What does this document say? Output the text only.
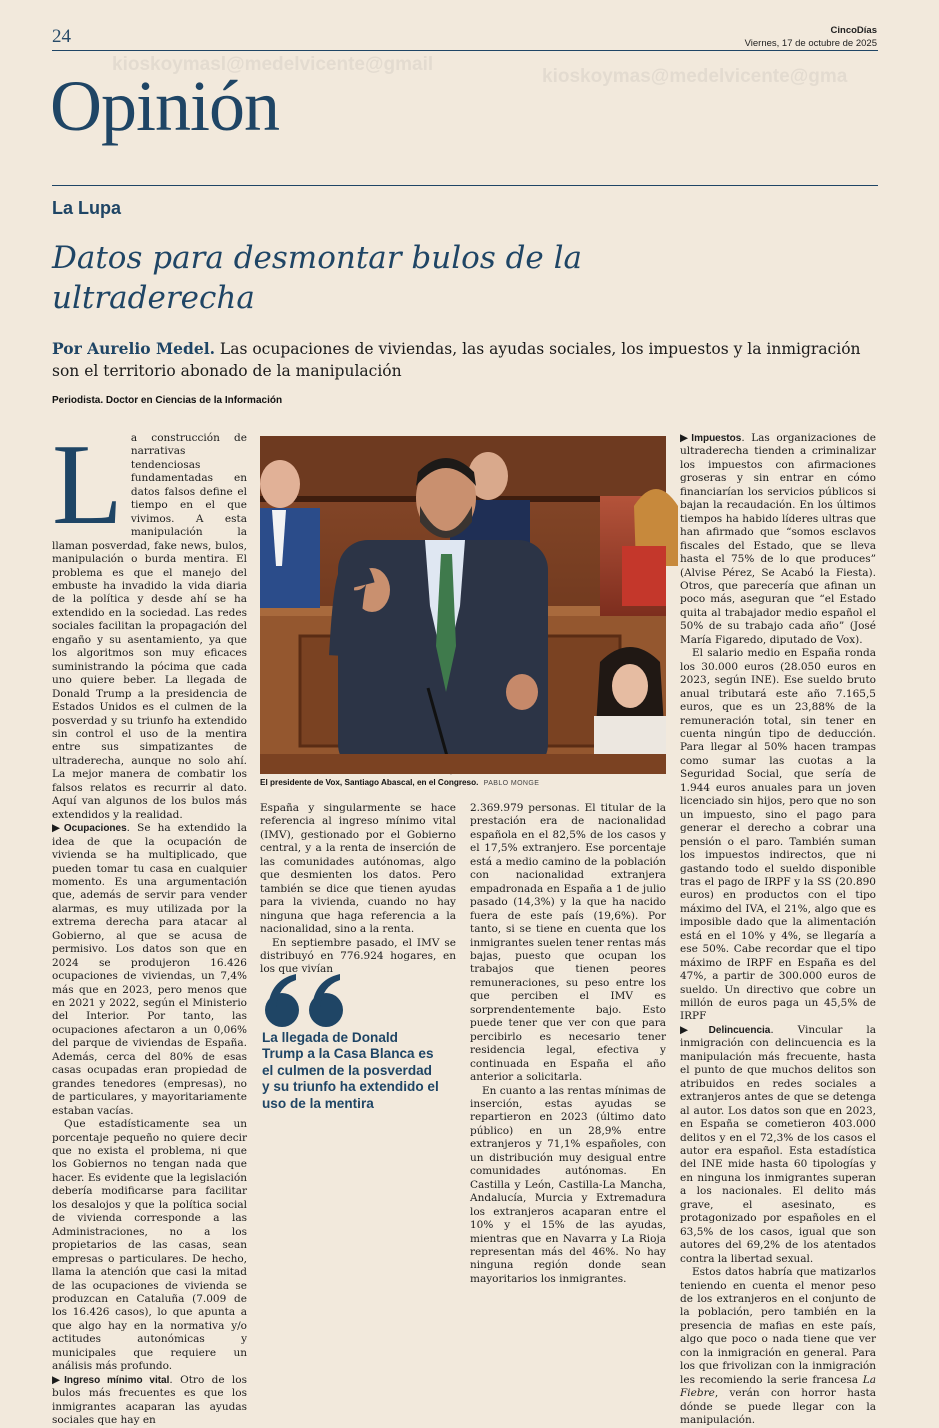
24	CincoDías
Viernes, 17 de octubre de 2025
kioskoymasl@medelvicente@gmail
kioskoymas@medelvicente@gma
Opinión
La Lupa
Datos para desmontar bulos de la ultraderecha
Por Aurelio Medel. Las ocupaciones de viviendas, las ayudas sociales, los impuestos y la inmigración son el territorio abonado de la manipulación
Periodista. Doctor en Ciencias de la Información

L a construcción de narrativas tendenciosas fundamentadas en datos falsos define el tiempo en el que vivimos. A esta manipulación la llaman posverdad, fake news, bulos, manipulación o burda mentira. El problema es que el manejo del embuste ha invadido la vida diaria de la política y desde ahí se ha extendido en la sociedad. Las redes sociales facilitan la propagación del engaño y su asentamiento, ya que los algoritmos son muy eficaces suministrando la pócima que cada uno quiere beber. La llegada de Donald Trump a la presidencia de Estados Unidos es el culmen de la posverdad y su triunfo ha extendido sin control el uso de la mentira entre sus simpatizantes de ultraderecha, aunque no solo ahí. La mejor manera de combatir los falsos relatos es recurrir al dato. Aquí van algunos de los bulos más extendidos y la realidad.

▶Ocupaciones. Se ha extendido la idea de que la ocupación de vivienda se ha multiplicado, que pueden tomar tu casa en cualquier momento. Es una argumentación que, además de servir para vender alarmas, es muy utilizada por la extrema derecha para atacar al Gobierno, al que se acusa de permisivo. Los datos son que en 2024 se produjeron 16.426 ocupaciones de viviendas, un 7,4% más que en 2023, pero menos que en 2021 y 2022, según el Ministerio del Interior. Por tanto, las ocupaciones afectaron a un 0,06% del parque de viviendas de España. Además, cerca del 80% de esas casas ocupadas eran propiedad de grandes tenedores (empresas), no de particulares, y mayoritariamente estaban vacías.

Que estadísticamente sea un porcentaje pequeño no quiere decir que no exista el problema, ni que los Gobiernos no tengan nada que hacer. Es evidente que la legislación debería modificarse para facilitar los desalojos y que la política social de vivienda corresponde a las Administraciones, no a los propietarios de las casas, sean empresas o particulares. De hecho, llama la atención que casi la mitad de las ocupaciones de vivienda se produzcan en Cataluña (7.009 de los 16.426 casos), lo que apunta a que algo hay en la normativa y/o actitudes autonómicas y municipales que requiere un análisis más profundo.

▶Ingreso mínimo vital. Otro de los bulos más frecuentes es que los inmigrantes acaparan las ayudas sociales que hay en

El presidente de Vox, Santiago Abascal, en el Congreso. PABLO MONGE

España y singularmente se hace referencia al ingreso mínimo vital (IMV), gestionado por el Gobierno central, y a la renta de inserción de las comunidades autónomas, algo que desmienten los datos. Pero también se dice que tienen ayudas para la vivienda, cuando no hay ninguna que haga referencia a la nacionalidad, sino a la renta.

En septiembre pasado, el IMV se distribuyó en 776.924 hogares, en los que vivían

La llegada de Donald Trump a la Casa Blanca es el culmen de la posverdad y su triunfo ha extendido el uso de la mentira

2.369.979 personas. El titular de la prestación era de nacionalidad española en el 82,5% de los casos y el 17,5% extranjero. Ese porcentaje está a medio camino de la población con nacionalidad extranjera empadronada en España a 1 de julio pasado (14,3%) y la que ha nacido fuera de este país (19,6%). Por tanto, si se tiene en cuenta que los inmigrantes suelen tener rentas más bajas, puesto que ocupan los trabajos que tienen peores remuneraciones, su peso entre los que perciben el IMV es sorprendentemente bajo. Esto puede tener que ver con que para percibirlo es necesario tener residencia legal, efectiva y continuada en España el año anterior a solicitarla.

En cuanto a las rentas mínimas de inserción, estas ayudas se repartieron en 2023 (último dato público) en un 28,9% entre extranjeros y 71,1% españoles, con un distribución muy desigual entre comunidades autónomas. En Castilla y León, Castilla-La Mancha, Andalucía, Murcia y Extremadura los extranjeros acaparan entre el 10% y el 15% de las ayudas, mientras que en Navarra y La Rioja representan más del 46%. No hay ninguna región donde sean mayoritarios los inmigrantes.

▶Impuestos. Las organizaciones de ultraderecha tienden a criminalizar los impuestos con afirmaciones groseras y sin entrar en cómo financiarían los servicios públicos si bajan la recaudación. En los últimos tiempos ha habido líderes ultras que han afirmado que “somos esclavos fiscales del Estado, que se lleva hasta el 75% de lo que produces” (Alvise Pérez, Se Acabó la Fiesta). Otros, que parecería que afinan un poco más, aseguran que “el Estado quita al trabajador medio español el 50% de su trabajo cada año” (José María Figaredo, diputado de Vox).

El salario medio en España ronda los 30.000 euros (28.050 euros en 2023, según INE). Ese sueldo bruto anual tributará este año 7.165,5 euros, que es un 23,88% de la remuneración total, sin tener en cuenta ningún tipo de deducción. Para llegar al 50% hacen trampas como sumar las cuotas a la Seguridad Social, que sería de 1.944 euros anuales para un joven licenciado sin hijos, pero que no son un impuesto, sino el pago para generar el derecho a cobrar una pensión o el paro. También suman los impuestos indirectos, que ni gastando todo el sueldo disponible tras el pago de IRPF y la SS (20.890 euros) en productos con el tipo máximo del IVA, el 21%, algo que es imposible dado que la alimentación está en el 10% y 4%, se llegaría a ese 50%. Cabe recordar que el tipo máximo de IRPF en España es del 47%, a partir de 300.000 euros de sueldo. Un directivo que cobre un millón de euros paga un 45,5% de IRPF

▶Delincuencia. Vincular la inmigración con delincuencia es la manipulación más frecuente, hasta el punto de que muchos delitos son atribuidos en redes sociales a extranjeros antes de que se detenga al autor. Los datos son que en 2023, en España se cometieron 403.000 delitos y en el 72,3% de los casos el autor era español. Esta estadística del INE mide hasta 60 tipologías y en ninguna los inmigrantes superan a los nacionales. El delito más grave, el asesinato, es protagonizado por españoles en el 63,5% de los casos, igual que son autores del 69,2% de los atentados contra la libertad sexual.

Estos datos habría que matizarlos teniendo en cuenta el menor peso de los extranjeros en el conjunto de la población, pero también en la presencia de mafias en este país, algo que poco o nada tiene que ver con la inmigración en general. Para los que frivolizan con la inmigración les recomiendo la serie francesa La Fiebre, verán con horror hasta dónde se puede llegar con la manipulación.
